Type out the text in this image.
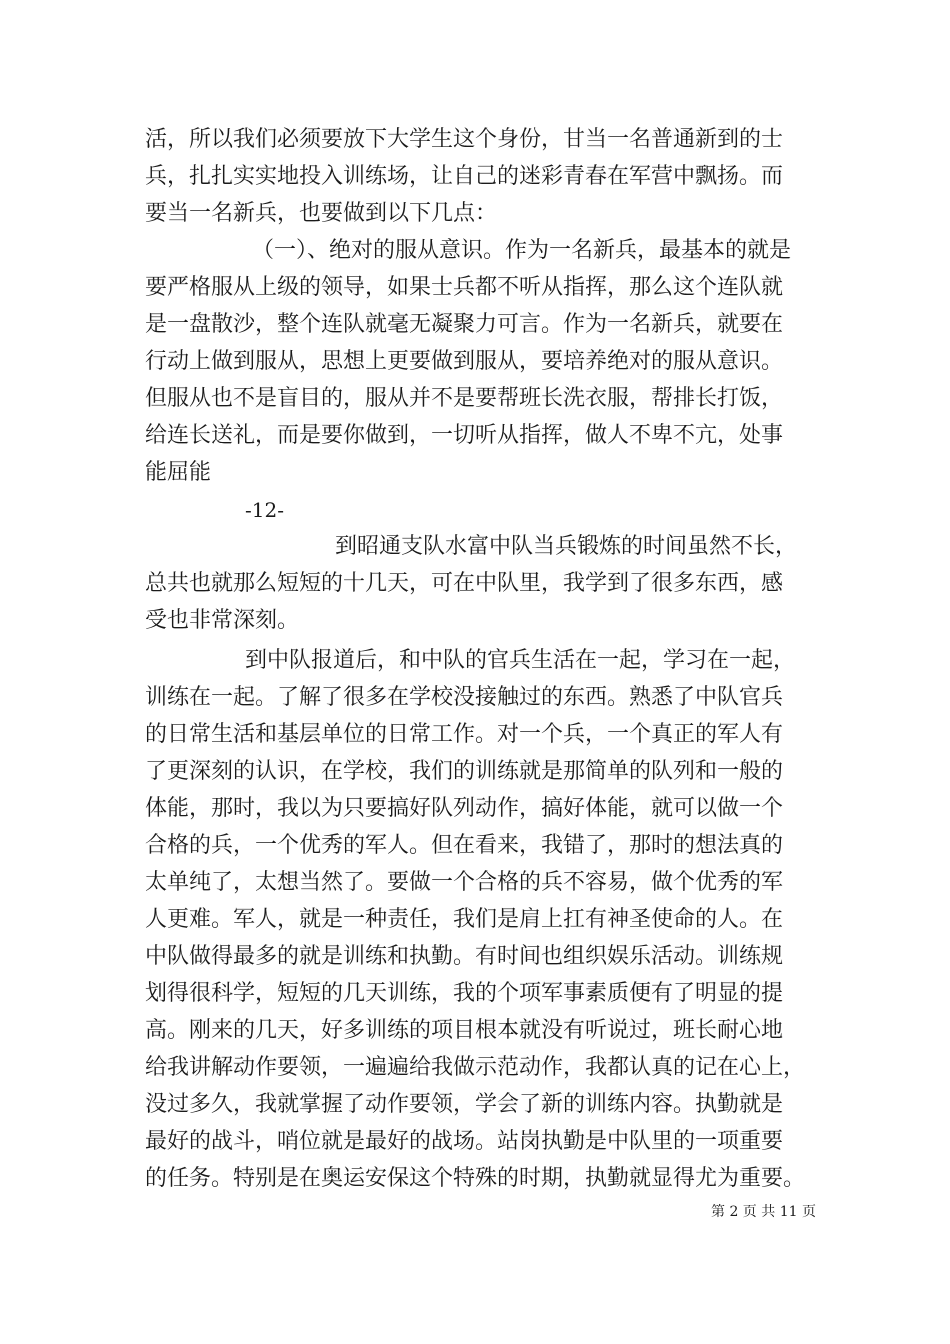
活，所以我们必须要放下大学生这个身份，甘当一名普通新到的士
兵，扎扎实实地投入训练场，让自己的迷彩青春在军营中飘扬。而
要当一名新兵，也要做到以下几点：
（一）、绝对的服从意识。作为一名新兵，最基本的就是
要严格服从上级的领导，如果士兵都不听从指挥，那么这个连队就
是一盘散沙，整个连队就毫无凝聚力可言。作为一名新兵，就要在
行动上做到服从，思想上更要做到服从，要培养绝对的服从意识。
但服从也不是盲目的，服从并不是要帮班长洗衣服，帮排长打饭，
给连长送礼，而是要你做到，一切听从指挥，做人不卑不亢，处事
能屈能
-12-
到昭通支队水富中队当兵锻炼的时间虽然不长，
总共也就那么短短的十几天，可在中队里，我学到了很多东西，感
受也非常深刻。
到中队报道后，和中队的官兵生活在一起，学习在一起，
训练在一起。了解了很多在学校没接触过的东西。熟悉了中队官兵
的日常生活和基层单位的日常工作。对一个兵，一个真正的军人有
了更深刻的认识，在学校，我们的训练就是那简单的队列和一般的
体能，那时，我以为只要搞好队列动作，搞好体能，就可以做一个
合格的兵，一个优秀的军人。但在看来，我错了，那时的想法真的
太单纯了，太想当然了。要做一个合格的兵不容易，做个优秀的军
人更难。军人，就是一种责任，我们是肩上扛有神圣使命的人。在
中队做得最多的就是训练和执勤。有时间也组织娱乐活动。训练规
划得很科学，短短的几天训练，我的个项军事素质便有了明显的提
高。刚来的几天，好多训练的项目根本就没有听说过，班长耐心地
给我讲解动作要领，一遍遍给我做示范动作，我都认真的记在心上，
没过多久，我就掌握了动作要领，学会了新的训练内容。执勤就是
最好的战斗，哨位就是最好的战场。站岗执勤是中队里的一项重要
的任务。特别是在奥运安保这个特殊的时期，执勤就显得尤为重要。
第 2 页 共 11 页
